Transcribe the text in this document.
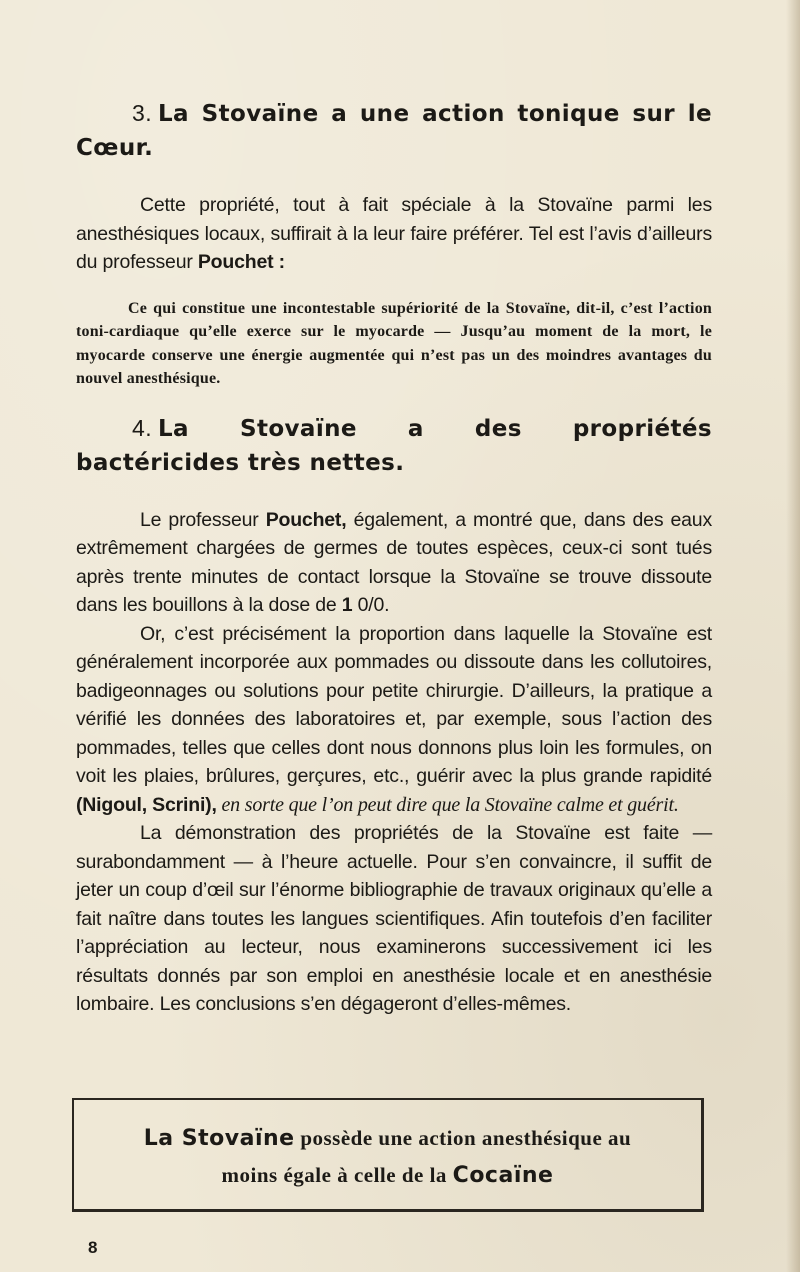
3. La Stovaïne a une action tonique sur le Cœur.

Cette propriété, tout à fait spéciale à la Stovaïne parmi les anesthésiques locaux, suffirait à la leur faire préférer. Tel est l’avis d’ailleurs du professeur Pouchet :

Ce qui constitue une incontestable supériorité de la Stovaïne, dit-il, c’est l’action toni-cardiaque qu’elle exerce sur le myocarde — Jusqu’au moment de la mort, le myocarde conserve une énergie augmentée qui n’est pas un des moindres avantages du nouvel anesthésique.

4. La Stovaïne a des propriétés bactéricides très nettes.

Le professeur Pouchet, également, a montré que, dans des eaux extrêmement chargées de germes de toutes espèces, ceux-ci sont tués après trente minutes de contact lorsque la Stovaïne se trouve dissoute dans les bouillons à la dose de 1 0/0.

Or, c’est précisément la proportion dans laquelle la Stovaïne est généralement incorporée aux pommades ou dissoute dans les collutoires, badigeonnages ou solutions pour petite chirurgie. D’ailleurs, la pratique a vérifié les données des laboratoires et, par exemple, sous l’action des pommades, telles que celles dont nous donnons plus loin les formules, on voit les plaies, brûlures, gerçures, etc., guérir avec la plus grande rapidité (Nigoul, Scrini), en sorte que l’on peut dire que la Stovaïne calme et guérit.

La démonstration des propriétés de la Stovaïne est faite — surabondamment — à l’heure actuelle. Pour s’en convaincre, il suffit de jeter un coup d’œil sur l’énorme bibliographie de travaux originaux qu’elle a fait naître dans toutes les langues scientifiques. Afin toutefois d’en faciliter l’appréciation au lecteur, nous examinerons successivement ici les résultats donnés par son emploi en anesthésie locale et en anesthésie lombaire. Les conclusions s’en dégageront d’elles-mêmes.

La Stovaïne possède une action anesthésique au
moins égale à celle de la Cocaïne
8
